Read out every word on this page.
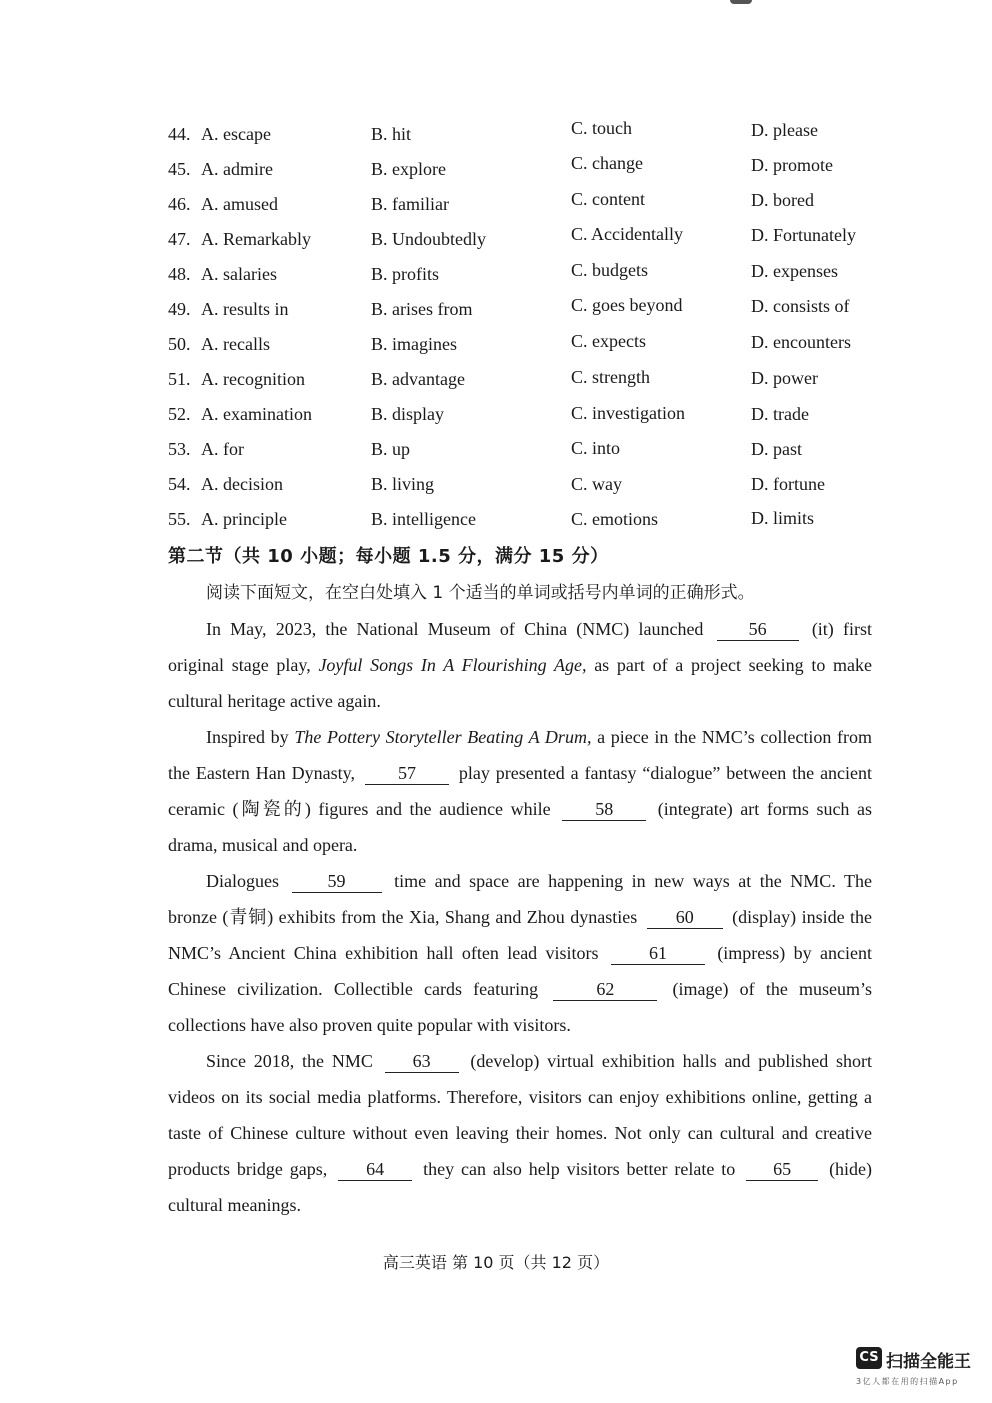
44. A. escape	B. hit	C. touch	D. please
45. A. admire	B. explore	C. change	D. promote
46. A. amused	B. familiar	C. content	D. bored
47. A. Remarkably	B. Undoubtedly	C. Accidentally	D. Fortunately
48. A. salaries	B. profits	C. budgets	D. expenses
49. A. results in	B. arises from	C. goes beyond	D. consists of
50. A. recalls	B. imagines	C. expects	D. encounters
51. A. recognition	B. advantage	C. strength	D. power
52. A. examination	B. display	C. investigation	D. trade
53. A. for	B. up	C. into	D. past
54. A. decision	B. living	C. way	D. fortune
55. A. principle	B. intelligence	C. emotions	D. limits
第二节（共 10 小题；每小题 1.5 分，满分 15 分）
阅读下面短文，在空白处填入 1 个适当的单词或括号内单词的正确形式。

In May, 2023, the National Museum of China (NMC) launched	56	(it) first original stage play, Joyful Songs In A Flourishing Age, as part of a project seeking to make cultural heritage active again.

Inspired by The Pottery Storyteller Beating A Drum, a piece in the NMC’s collection from the Eastern Han Dynasty, 57 play presented a fantasy “dialogue” between the ancient ceramic (陶瓷的) figures and the audience while 58 (integrate) art forms such as drama, musical and opera.

Dialogues	59	time and space are happening in new ways at the NMC. The bronze (青铜) exhibits from the Xia, Shang and Zhou dynasties 60 (display) inside the NMC’s Ancient China exhibition hall often lead visitors	61	(impress) by ancient Chinese civilization. Collectible cards featuring	62	(image) of the museum’s collections have also proven quite popular with visitors.

Since 2018, the NMC 63 (develop) virtual exhibition halls and published short videos on its social media platforms. Therefore, visitors can enjoy exhibitions online, getting a taste of Chinese culture without even leaving their homes. Not only can cultural and creative products bridge gaps, 64 they can also help visitors better relate to 65 (hide) cultural meanings.

高三英语 第 10 页（共 12 页）
CS 扫描全能王
3亿人都在用的扫描App
